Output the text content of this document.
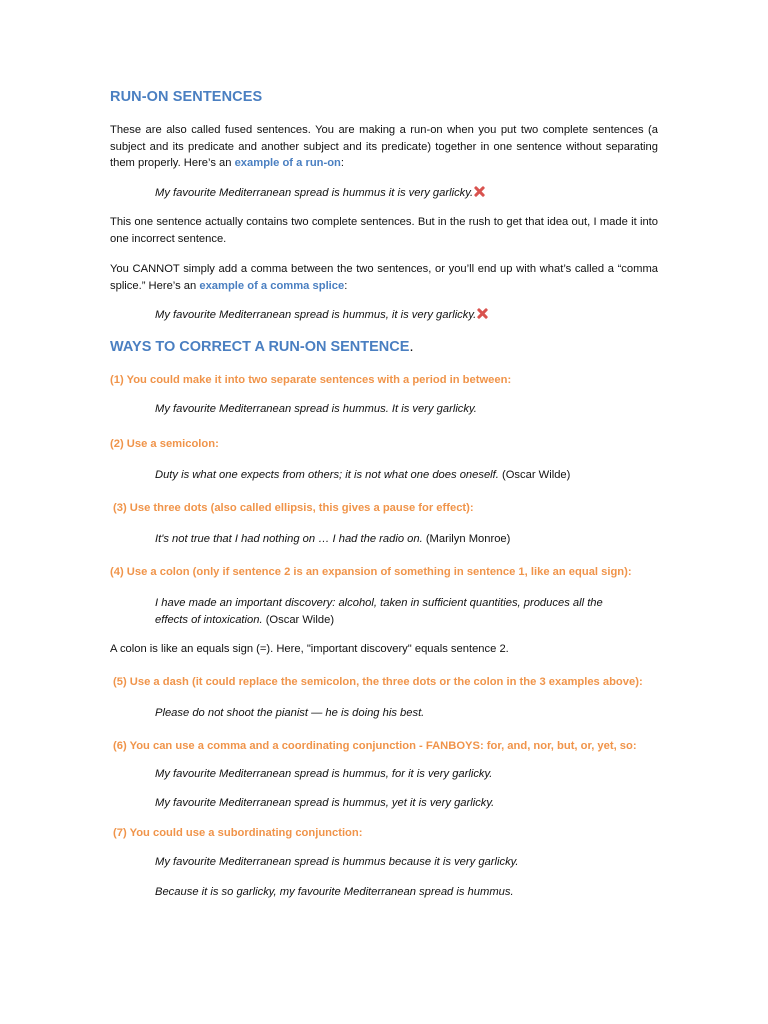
RUN-ON SENTENCES
These are also called fused sentences. You are making a run-on when you put two complete sentences (a subject and its predicate and another subject and its predicate) together in one sentence without separating them properly. Here’s an example of a run-on:
My favourite Mediterranean spread is hummus it is very garlicky.
This one sentence actually contains two complete sentences. But in the rush to get that idea out, I made it into one incorrect sentence.
You CANNOT simply add a comma between the two sentences, or you’ll end up with what’s called a “comma splice.” Here’s an example of a comma splice:
My favourite Mediterranean spread is hummus, it is very garlicky.
WAYS TO CORRECT A RUN-ON SENTENCE.
(1) You could make it into two separate sentences with a period in between:
My favourite Mediterranean spread is hummus. It is very garlicky.
(2) Use a semicolon:
Duty is what one expects from others; it is not what one does oneself. (Oscar Wilde)
(3) Use three dots (also called ellipsis, this gives a pause for effect):
It's not true that I had nothing on … I had the radio on. (Marilyn Monroe)
(4) Use a colon (only if sentence 2 is an expansion of something in sentence 1, like an equal sign):
I have made an important discovery: alcohol, taken in sufficient quantities, produces all the effects of intoxication. (Oscar Wilde)
A colon is like an equals sign (=). Here, "important discovery" equals sentence 2.
(5) Use a dash (it could replace the semicolon, the three dots or the colon in the 3 examples above):
Please do not shoot the pianist — he is doing his best.
(6) You can use a comma and a coordinating conjunction - FANBOYS: for, and, nor, but, or, yet, so:
My favourite Mediterranean spread is hummus, for it is very garlicky.
My favourite Mediterranean spread is hummus, yet it is very garlicky.
(7) You could use a subordinating conjunction:
My favourite Mediterranean spread is hummus because it is very garlicky.
Because it is so garlicky, my favourite Mediterranean spread is hummus.
